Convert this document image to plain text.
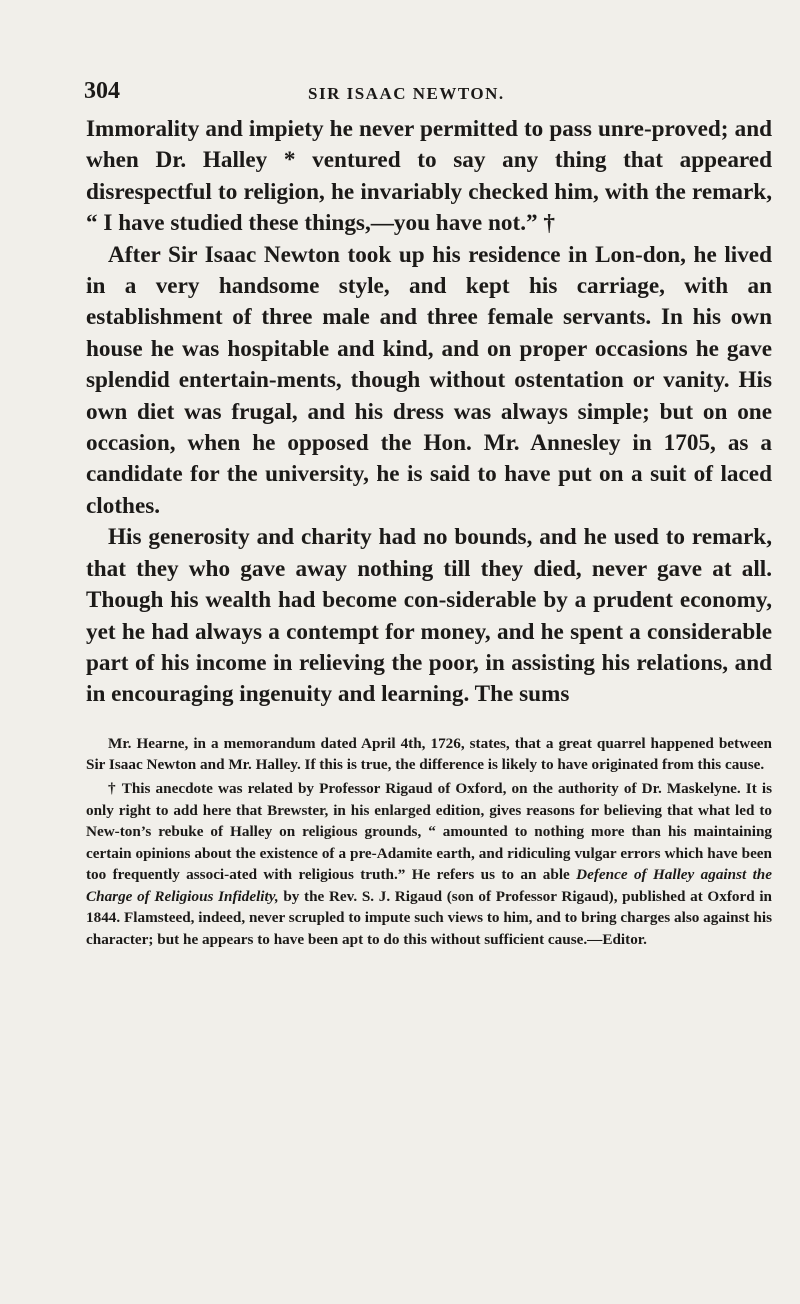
304	SIR ISAAC NEWTON.

Immorality and impiety he never permitted to pass unre-proved; and when Dr. Halley * ventured to say any thing that appeared disrespectful to religion, he invariably checked him, with the remark, “ I have studied these things,—you have not.” †

After Sir Isaac Newton took up his residence in Lon-don, he lived in a very handsome style, and kept his carriage, with an establishment of three male and three female servants. In his own house he was hospitable and kind, and on proper occasions he gave splendid entertain-ments, though without ostentation or vanity. His own diet was frugal, and his dress was always simple; but on one occasion, when he opposed the Hon. Mr. Annesley in 1705, as a candidate for the university, he is said to have put on a suit of laced clothes.

His generosity and charity had no bounds, and he used to remark, that they who gave away nothing till they died, never gave at all. Though his wealth had become con-siderable by a prudent economy, yet he had always a contempt for money, and he spent a considerable part of his income in relieving the poor, in assisting his relations, and in encouraging ingenuity and learning. The sums

Mr. Hearne, in a memorandum dated April 4th, 1726, states, that a great quarrel happened between Sir Isaac Newton and Mr. Halley. If this is true, the difference is likely to have originated from this cause.

† This anecdote was related by Professor Rigaud of Oxford, on the authority of Dr. Maskelyne. It is only right to add here that Brewster, in his enlarged edition, gives reasons for believing that what led to New-ton’s rebuke of Halley on religious grounds, “ amounted to nothing more than his maintaining certain opinions about the existence of a pre-Adamite earth, and ridiculing vulgar errors which have been too frequently associ-ated with religious truth.” He refers us to an able Defence of Halley against the Charge of Religious Infidelity, by the Rev. S. J. Rigaud (son of Professor Rigaud), published at Oxford in 1844. Flamsteed, indeed, never scrupled to impute such views to him, and to bring charges also against his character; but he appears to have been apt to do this without sufficient cause.—Editor.
